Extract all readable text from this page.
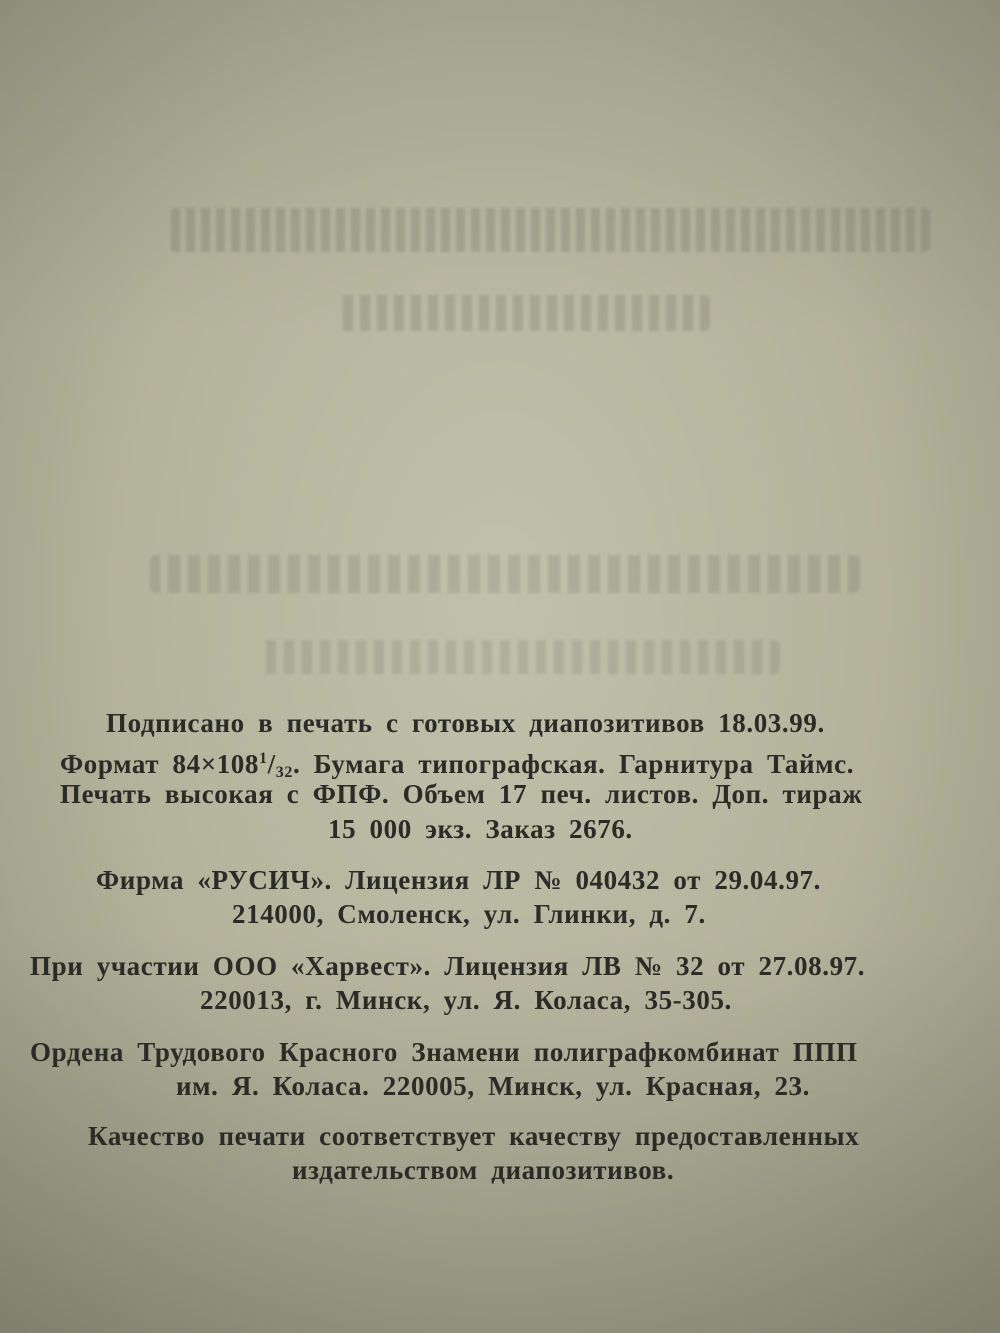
Подписано в печать с готовых диапозитивов 18.03.99.
Формат $84\times 108^1/_{32}$. Бумага типографская. Гарнитура Таймс.
Печать высокая с ФПФ. Объем 17 печ. листов. Доп. тираж
15 000 экз. Заказ 2676.
Фирма «РУСИЧ». Лицензия ЛР № 040432 от 29.04.97.
214000, Смоленск, ул. Глинки, д. 7.
При участии ООО «Харвест». Лицензия ЛВ № 32 от 27.08.97.
220013, г. Минск, ул. Я. Коласа, 35-305.
Ордена Трудового Красного Знамени полиграфкомбинат ППП
им. Я. Коласа. 220005, Минск, ул. Красная, 23.
Качество печати соответствует качеству предоставленных
издательством диапозитивов.
